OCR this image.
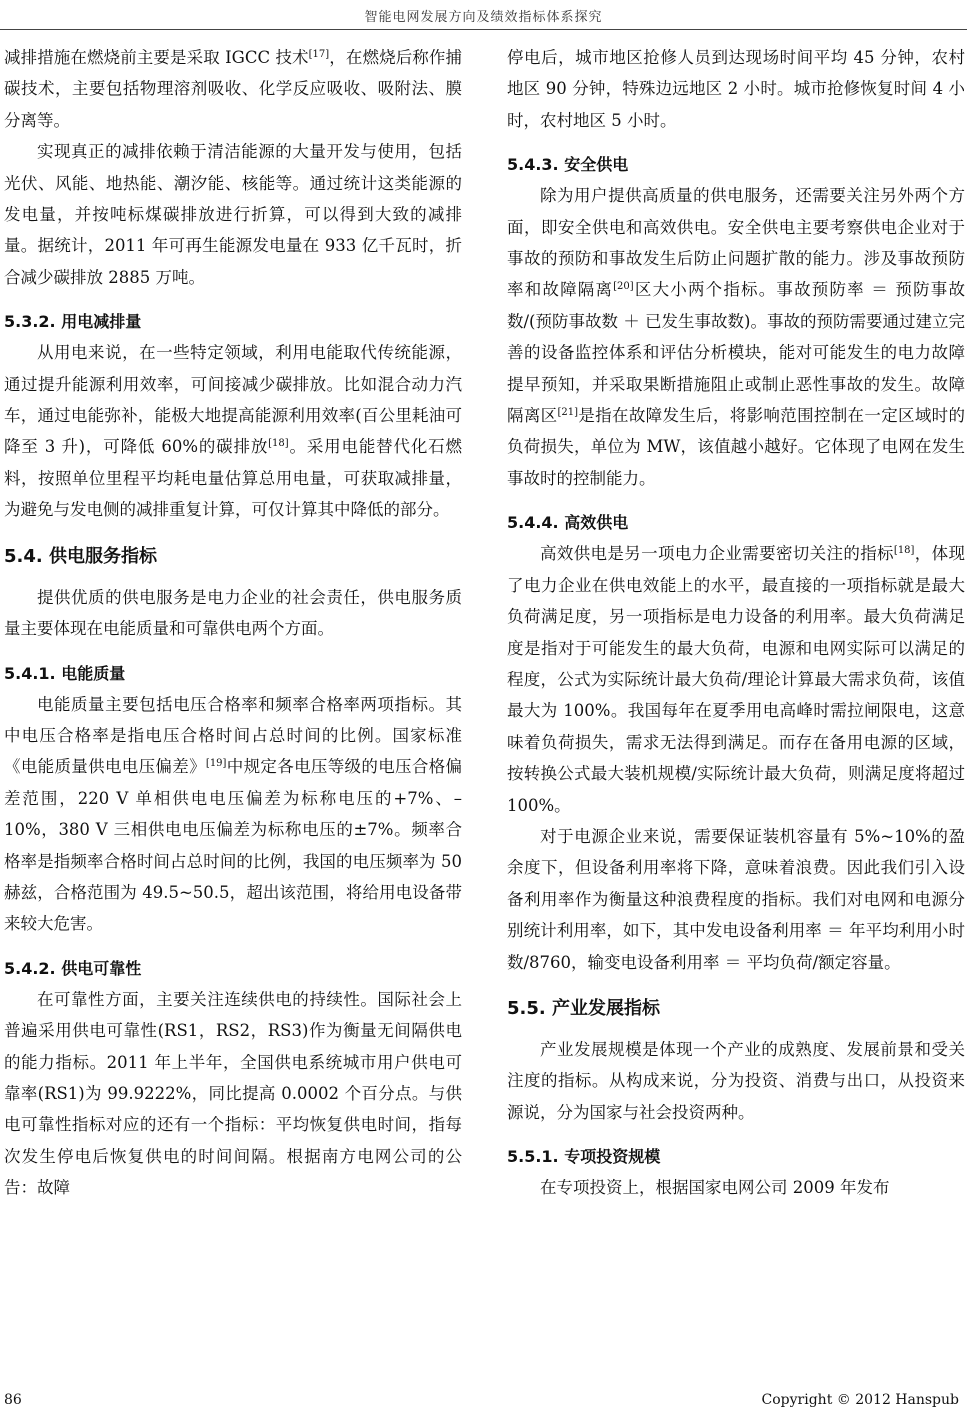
智能电网发展方向及绩效指标体系探究

减排措施在燃烧前主要是采取 IGCC 技术[17]，在燃烧后称作捕碳技术，主要包括物理溶剂吸收、化学反应吸收、吸附法、膜分离等。

实现真正的减排依赖于清洁能源的大量开发与使用，包括光伏、风能、地热能、潮汐能、核能等。通过统计这类能源的发电量，并按吨标煤碳排放进行折算，可以得到大致的减排量。据统计，2011 年可再生能源发电量在 933 亿千瓦时，折合减少碳排放 2885 万吨。

5.3.2. 用电减排量

从用电来说，在一些特定领域，利用电能取代传统能源，通过提升能源利用效率，可间接减少碳排放。比如混合动力汽车，通过电能弥补，能极大地提高能源利用效率(百公里耗油可降至 3 升)，可降低 60%的碳排放[18]。采用电能替代化石燃料，按照单位里程平均耗电量估算总用电量，可获取减排量，为避免与发电侧的减排重复计算，可仅计算其中降低的部分。

5.4. 供电服务指标

提供优质的供电服务是电力企业的社会责任，供电服务质量主要体现在电能质量和可靠供电两个方面。

5.4.1. 电能质量

电能质量主要包括电压合格率和频率合格率两项指标。其中电压合格率是指电压合格时间占总时间的比例。国家标准《电能质量供电电压偏差》[19]中规定各电压等级的电压合格偏差范围，220 V 单相供电电压偏差为标称电压的+7%、–10%，380 V 三相供电电压偏差为标称电压的±7%。频率合格率是指频率合格时间占总时间的比例，我国的电压频率为 50 赫兹，合格范围为 49.5~50.5，超出该范围，将给用电设备带来较大危害。

5.4.2. 供电可靠性

在可靠性方面，主要关注连续供电的持续性。国际社会上普遍采用供电可靠性(RS1，RS2，RS3)作为衡量无间隔供电的能力指标。2011 年上半年，全国供电系统城市用户供电可靠率(RS1)为 99.9222%，同比提高 0.0002 个百分点。与供电可靠性指标对应的还有一个指标：平均恢复供电时间，指每次发生停电后恢复供电的时间间隔。根据南方电网公司的公告：故障

停电后，城市地区抢修人员到达现场时间平均 45 分钟，农村地区 90 分钟，特殊边远地区 2 小时。城市抢修恢复时间 4 小时，农村地区 5 小时。

5.4.3. 安全供电

除为用户提供高质量的供电服务，还需要关注另外两个方面，即安全供电和高效供电。安全供电主要考察供电企业对于事故的预防和事故发生后防止问题扩散的能力。涉及事故预防率和故障隔离[20]区大小两个指标。事故预防率 ＝ 预防事故数/(预防事故数 ＋ 已发生事故数)。事故的预防需要通过建立完善的设备监控体系和评估分析模块，能对可能发生的电力故障提早预知，并采取果断措施阻止或制止恶性事故的发生。故障隔离区[21]是指在故障发生后，将影响范围控制在一定区域时的负荷损失，单位为 MW，该值越小越好。它体现了电网在发生事故时的控制能力。

5.4.4. 高效供电

高效供电是另一项电力企业需要密切关注的指标[18]，体现了电力企业在供电效能上的水平，最直接的一项指标就是最大负荷满足度，另一项指标是电力设备的利用率。最大负荷满足度是指对于可能发生的最大负荷，电源和电网实际可以满足的程度，公式为实际统计最大负荷/理论计算最大需求负荷，该值最大为 100%。我国每年在夏季用电高峰时需拉闸限电，这意味着负荷损失，需求无法得到满足。而存在备用电源的区域，按转换公式最大装机规模/实际统计最大负荷，则满足度将超过 100%。

对于电源企业来说，需要保证装机容量有 5%~10%的盈余度下，但设备利用率将下降，意味着浪费。因此我们引入设备利用率作为衡量这种浪费程度的指标。我们对电网和电源分别统计利用率，如下，其中发电设备利用率 ＝ 年平均利用小时数/8760，输变电设备利用率 ＝ 平均负荷/额定容量。

5.5. 产业发展指标

产业发展规模是体现一个产业的成熟度、发展前景和受关注度的指标。从构成来说，分为投资、消费与出口，从投资来源说，分为国家与社会投资两种。

5.5.1. 专项投资规模

在专项投资上，根据国家电网公司 2009 年发布

86	Copyright © 2012 Hanspub
